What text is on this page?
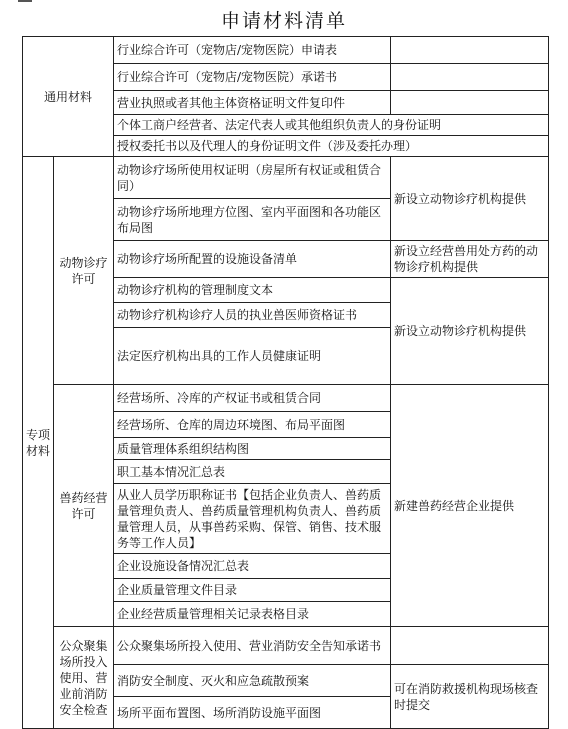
申请材料清单
通用材料		行业综合许可（宠物店/宠物医院）申请表	
		行业综合许可（宠物店/宠物医院）承诺书	
		营业执照或者其他主体资格证明文件复印件	
		个体工商户经营者、法定代表人或其他组织负责人的身份证明	
		授权委托书以及代理人的身份证明文件（涉及委托办理）	
专项材料	动物诊疗许可	动物诊疗场所使用权证明（房屋所有权证或租赁合同）	新设立动物诊疗机构提供
		动物诊疗场所地理方位图、室内平面图和各功能区布局图	
		动物诊疗场所配置的设施设备清单	新设立经营兽用处方药的动物诊疗机构提供
		动物诊疗机构的管理制度文本	新设立动物诊疗机构提供
		动物诊疗机构诊疗人员的执业兽医师资格证书	
		法定医疗机构出具的工作人员健康证明	
	兽药经营许可	经营场所、冷库的产权证书或租赁合同	新建兽药经营企业提供
		经营场所、仓库的周边环境图、布局平面图	
		质量管理体系组织结构图	
		职工基本情况汇总表	
		从业人员学历职称证书【包括企业负责人、兽药质量管理负责人、兽药质量管理机构负责人、兽药质量管理人员，从事兽药采购、保管、销售、技术服务等工作人员】	
		企业设施设备情况汇总表	
		企业质量管理文件目录	
		企业经营质量管理相关记录表格目录	
	公众聚集场所投入使用、营业前消防安全检查	公众聚集场所投入使用、营业消防安全告知承诺书	
		消防安全制度、灭火和应急疏散预案	可在消防救援机构现场核查时提交
		场所平面布置图、场所消防设施平面图	
